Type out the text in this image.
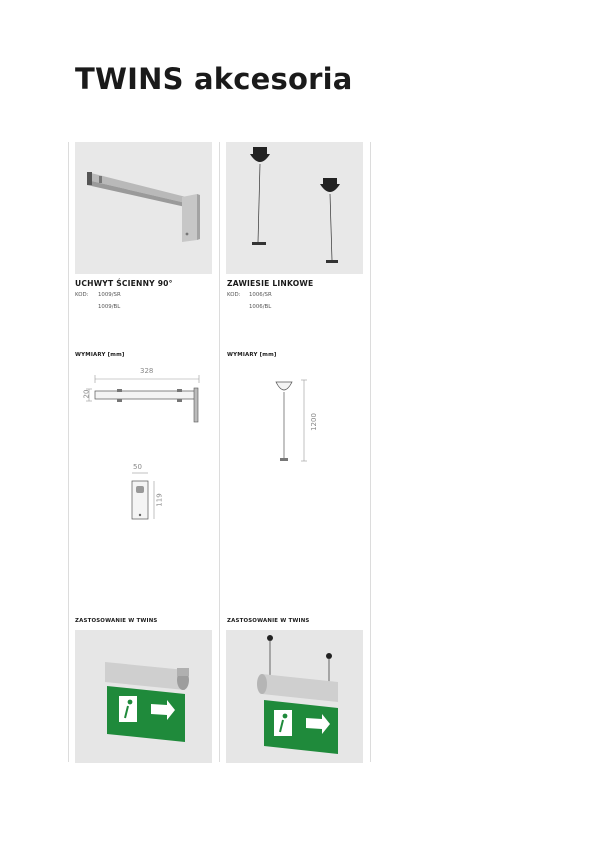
TWINS akcesoria
UCHWYT ŚCIENNY 90°
KOD: 1009/SR
1009/BL
WYMIARY [mm]
328
20
50
119
ZASTOSOWANIE W TWINS
ZAWIESIE LINKOWE
KOD: 1006/SR
1006/BL
WYMIARY [mm]
1200
ZASTOSOWANIE W TWINS
